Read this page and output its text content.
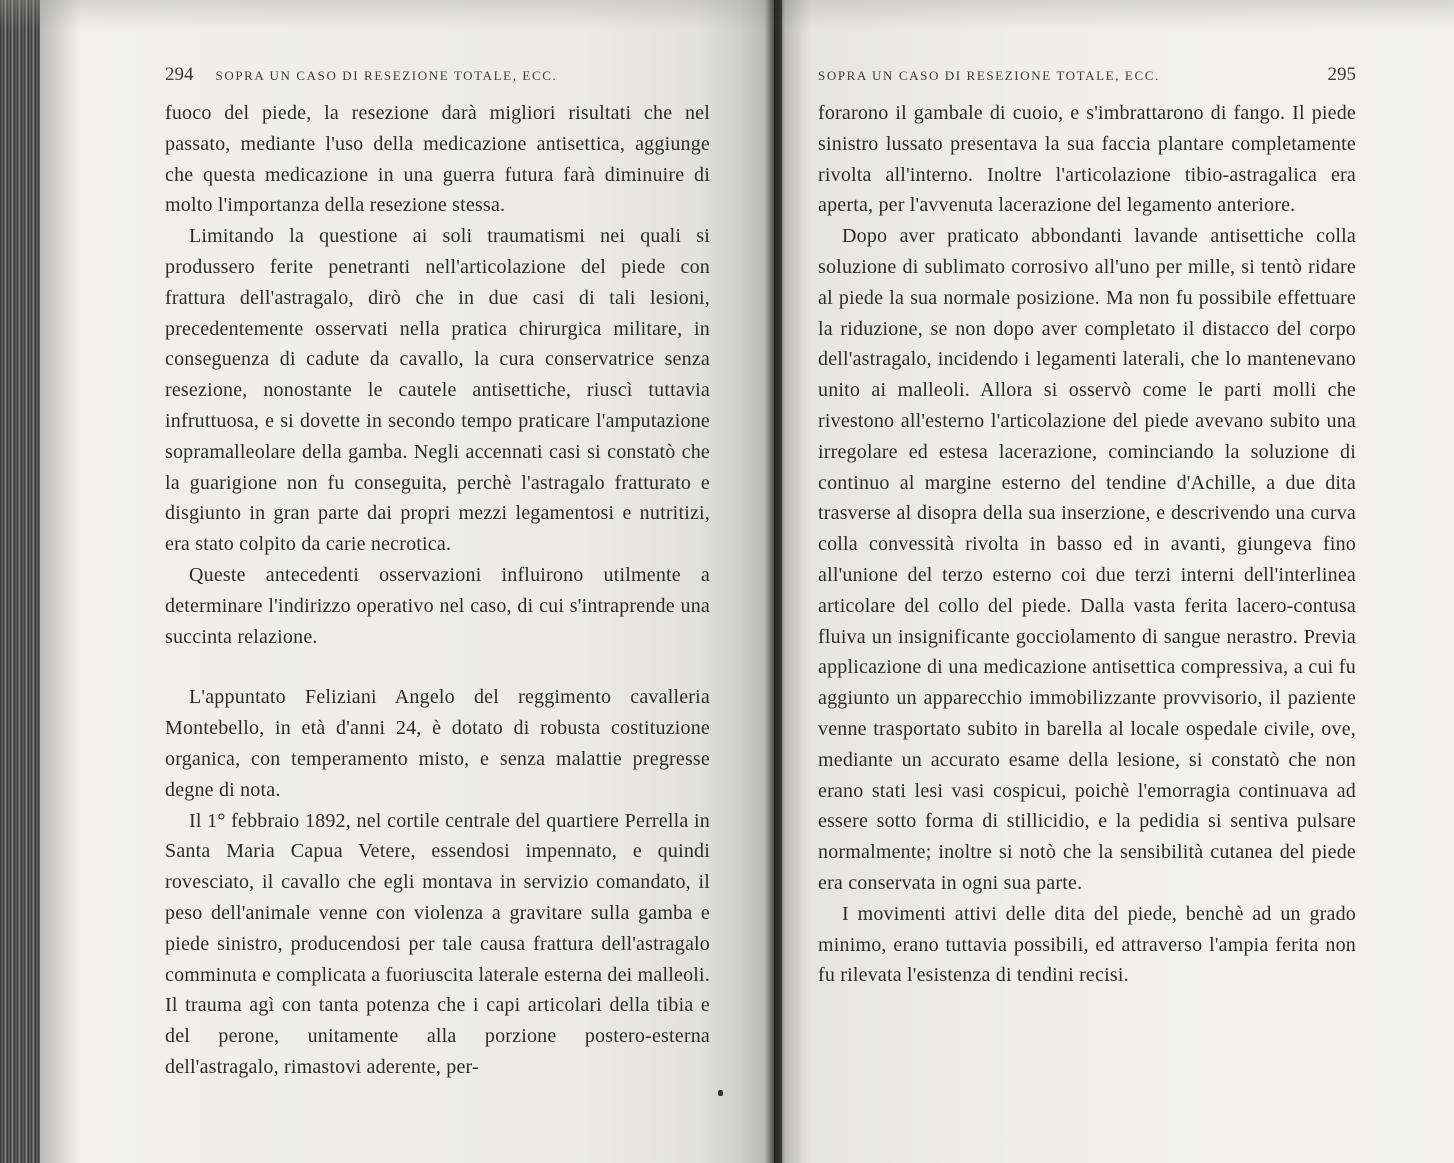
294 SOPRA UN CASO DI RESEZIONE TOTALE, ECC.

fuoco del piede, la resezione darà migliori risultati che nel passato, mediante l'uso della medicazione antisettica, aggiunge che questa medicazione in una guerra futura farà diminuire di molto l'importanza della resezione stessa.

Limitando la questione ai soli traumatismi nei quali si produssero ferite penetranti nell'articolazione del piede con frattura dell'astragalo, dirò che in due casi di tali lesioni, precedentemente osservati nella pratica chirurgica militare, in conseguenza di cadute da cavallo, la cura conservatrice senza resezione, nonostante le cautele antisettiche, riuscì tuttavia infruttuosa, e si dovette in secondo tempo praticare l'amputazione sopramalleolare della gamba. Negli accennati casi si constatò che la guarigione non fu conseguita, perchè l'astragalo fratturato e disgiunto in gran parte dai propri mezzi legamentosi e nutritizi, era stato colpito da carie necrotica.

Queste antecedenti osservazioni influirono utilmente a determinare l'indirizzo operativo nel caso, di cui s'intraprende una succinta relazione.

L'appuntato Feliziani Angelo del reggimento cavalleria Montebello, in età d'anni 24, è dotato di robusta costituzione organica, con temperamento misto, e senza malattie pregresse degne di nota.

Il 1° febbraio 1892, nel cortile centrale del quartiere Perrella in Santa Maria Capua Vetere, essendosi impennato, e quindi rovesciato, il cavallo che egli montava in servizio comandato, il peso dell'animale venne con violenza a gravitare sulla gamba e piede sinistro, producendosi per tale causa frattura dell'astragalo comminuta e complicata a fuoriuscita laterale esterna dei malleoli. Il trauma agì con tanta potenza che i capi articolari della tibia e del perone, unitamente alla porzione postero-esterna dell'astragalo, rimastovi aderente, per-

SOPRA UN CASO DI RESEZIONE TOTALE, ECC.	295

forarono il gambale di cuoio, e s'imbrattarono di fango. Il piede sinistro lussato presentava la sua faccia plantare completamente rivolta all'interno. Inoltre l'articolazione tibio-astragalica era aperta, per l'avvenuta lacerazione del legamento anteriore.

Dopo aver praticato abbondanti lavande antisettiche colla soluzione di sublimato corrosivo all'uno per mille, si tentò ridare al piede la sua normale posizione. Ma non fu possibile effettuare la riduzione, se non dopo aver completato il distacco del corpo dell'astragalo, incidendo i legamenti laterali, che lo mantenevano unito ai malleoli. Allora si osservò come le parti molli che rivestono all'esterno l'articolazione del piede avevano subito una irregolare ed estesa lacerazione, cominciando la soluzione di continuo al margine esterno del tendine d'Achille, a due dita trasverse al disopra della sua inserzione, e descrivendo una curva colla convessità rivolta in basso ed in avanti, giungeva fino all'unione del terzo esterno coi due terzi interni dell'interlinea articolare del collo del piede. Dalla vasta ferita lacero-contusa fluiva un insignificante gocciolamento di sangue nerastro. Previa applicazione di una medicazione antisettica compressiva, a cui fu aggiunto un apparecchio immobilizzante provvisorio, il paziente venne trasportato subito in barella al locale ospedale civile, ove, mediante un accurato esame della lesione, si constatò che non erano stati lesi vasi cospicui, poichè l'emorragia continuava ad essere sotto forma di stillicidio, e la pedidia si sentiva pulsare normalmente; inoltre si notò che la sensibilità cutanea del piede era conservata in ogni sua parte.

I movimenti attivi delle dita del piede, benchè ad un grado minimo, erano tuttavia possibili, ed attraverso l'ampia ferita non fu rilevata l'esistenza di tendini recisi.
